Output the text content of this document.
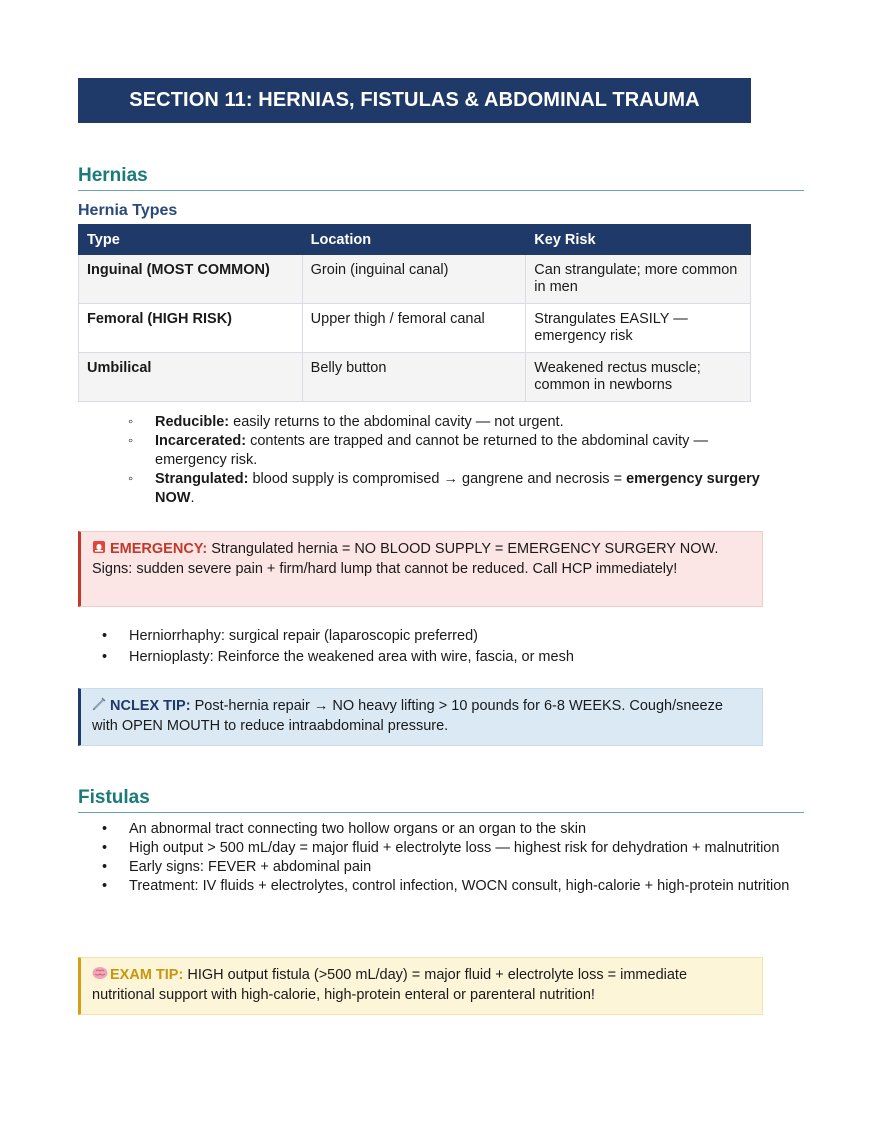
SECTION 11: HERNIAS, FISTULAS & ABDOMINAL TRAUMA
Hernias
Hernia Types
Type	Location	Key Risk
Inguinal (MOST COMMON)	Groin (inguinal canal)	Can strangulate; more common in men
Femoral (HIGH RISK)	Upper thigh / femoral canal	Strangulates EASILY — emergency risk
Umbilical	Belly button	Weakened rectus muscle; common in newborns
◦ Reducible: easily returns to the abdominal cavity — not urgent.
◦ Incarcerated: contents are trapped and cannot be returned to the abdominal cavity — emergency risk.
◦ Strangulated: blood supply is compromised → gangrene and necrosis = emergency surgery NOW.
EMERGENCY: Strangulated hernia = NO BLOOD SUPPLY = EMERGENCY SURGERY NOW. Signs: sudden severe pain + firm/hard lump that cannot be reduced. Call HCP immediately!
• Herniorrhaphy: surgical repair (laparoscopic preferred)
• Hernioplasty: Reinforce the weakened area with wire, fascia, or mesh
NCLEX TIP: Post-hernia repair → NO heavy lifting > 10 pounds for 6-8 WEEKS. Cough/sneeze with OPEN MOUTH to reduce intraabdominal pressure.
Fistulas
• An abnormal tract connecting two hollow organs or an organ to the skin
• High output > 500 mL/day = major fluid + electrolyte loss — highest risk for dehydration + malnutrition
• Early signs: FEVER + abdominal pain
• Treatment: IV fluids + electrolytes, control infection, WOCN consult, high-calorie + high-protein nutrition
EXAM TIP: HIGH output fistula (>500 mL/day) = major fluid + electrolyte loss = immediate nutritional support with high-calorie, high-protein enteral or parenteral nutrition!
